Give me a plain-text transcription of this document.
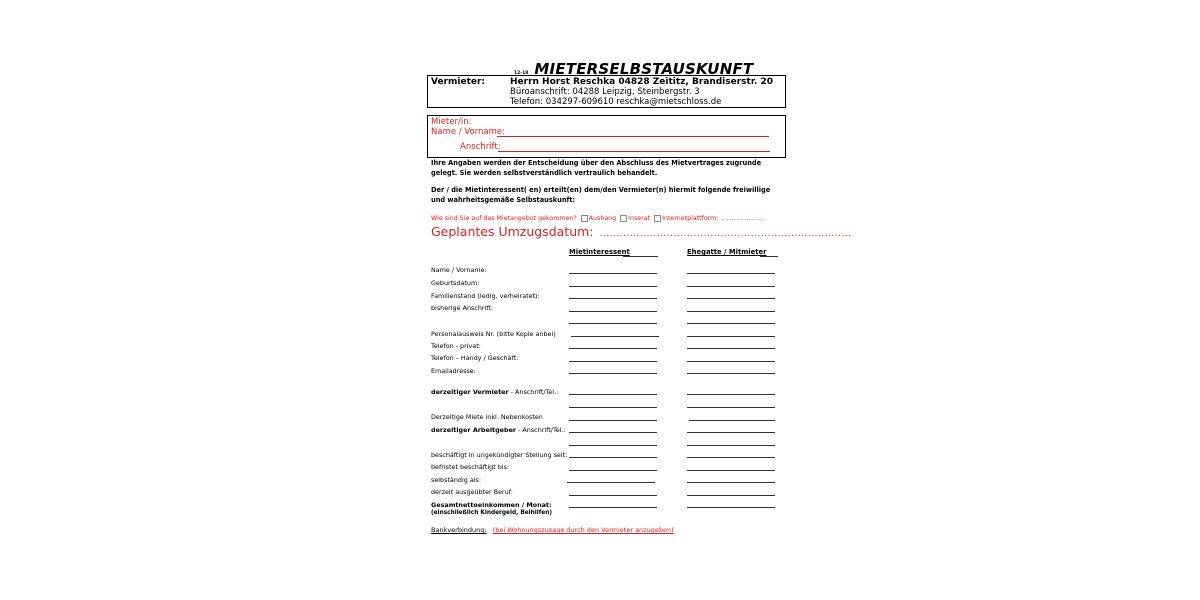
12-18 MIETERSELBSTAUSKUNFT
Vermieter:	Herrn Horst Reschka 04828 Zeititz, Brandiserstr. 20
Büroanschrift: 04288 Leipzig, Steinbergstr. 3
Telefon: 034297-609610 reschka@mietschloss.de
Mieter/in:
Name / Vorname:
Anschrift:
Ihre Angaben werden der Entscheidung über den Abschluss des Mietvertrages zugrunde gelegt. Sie werden selbstverständlich vertraulich behandelt.
Der / die Mietinteressent( en) erteilt(en) dem/den Vermieter(n) hiermit folgende freiwillige und wahrheitsgemäße Selbstauskunft:
Wie sind Sie auf das Mietangebot gekommen? Aushang Inserat Internetplattform: .................
Geplantes Umzugsdatum: ...........................................................................
Mietinteressent	Ehegatte / Mitmieter
Name / Vorname:
Geburtsdatum:
Familienstand (ledig, verheiratet):
bisherige Anschrift:
Personalausweis Nr. (bitte Kopie anbei)
Telefon - privat:
Telefon – Handy / Geschäft:
Emailadresse:
derzeitiger Vermieter - Anschrift/Tel.:
Derzeitige Miete inkl. Nebenkosten
derzeitiger Arbeitgeber - Anschrift/Tel.:
beschäftigt in ungekündigter Stellung seit:
befristet beschäftigt bis:
selbständig als:
derzeit ausgeübter Beruf:
Gesamtnettoeinkommen / Monat:
(einschließlich Kindergeld, Beihilfen)
Bankverbindung: (bei Wohnungszusage durch den Vermieter anzugeben)
